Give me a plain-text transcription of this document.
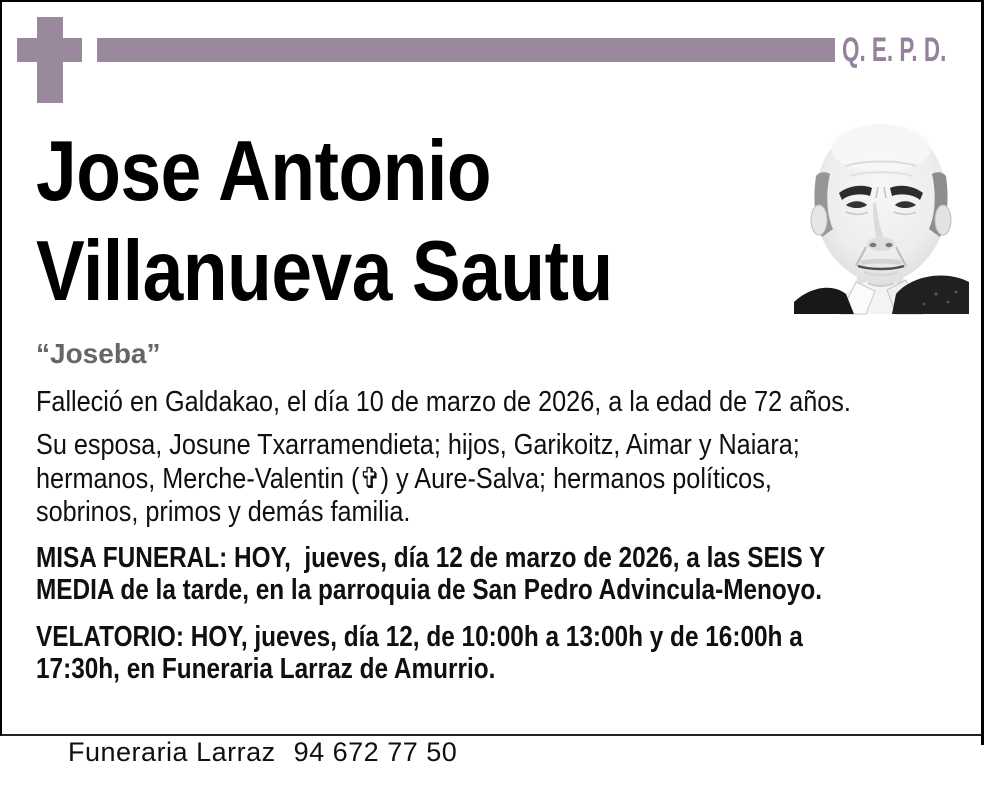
Q. E. P. D.
Jose Antonio
Villanueva Sautu
“Joseba”
Falleció en Galdakao, el día 10 de marzo de 2026, a la edad de 72 años.
Su esposa, Josune Txarramendieta; hijos, Garikoitz, Aimar y Naiara;
hermanos, Merche-Valentin (✞) y Aure-Salva; hermanos políticos,
sobrinos, primos y demás familia.
MISA FUNERAL: HOY,  jueves, día 12 de marzo de 2026, a las SEIS Y
MEDIA de la tarde, en la parroquia de San Pedro Advincula-Menoyo.
VELATORIO: HOY, jueves, día 12, de 10:00h a 13:00h y de 16:00h a
17:30h, en Funeraria Larraz de Amurrio.

Funeraria Larraz 94 672 77 50
